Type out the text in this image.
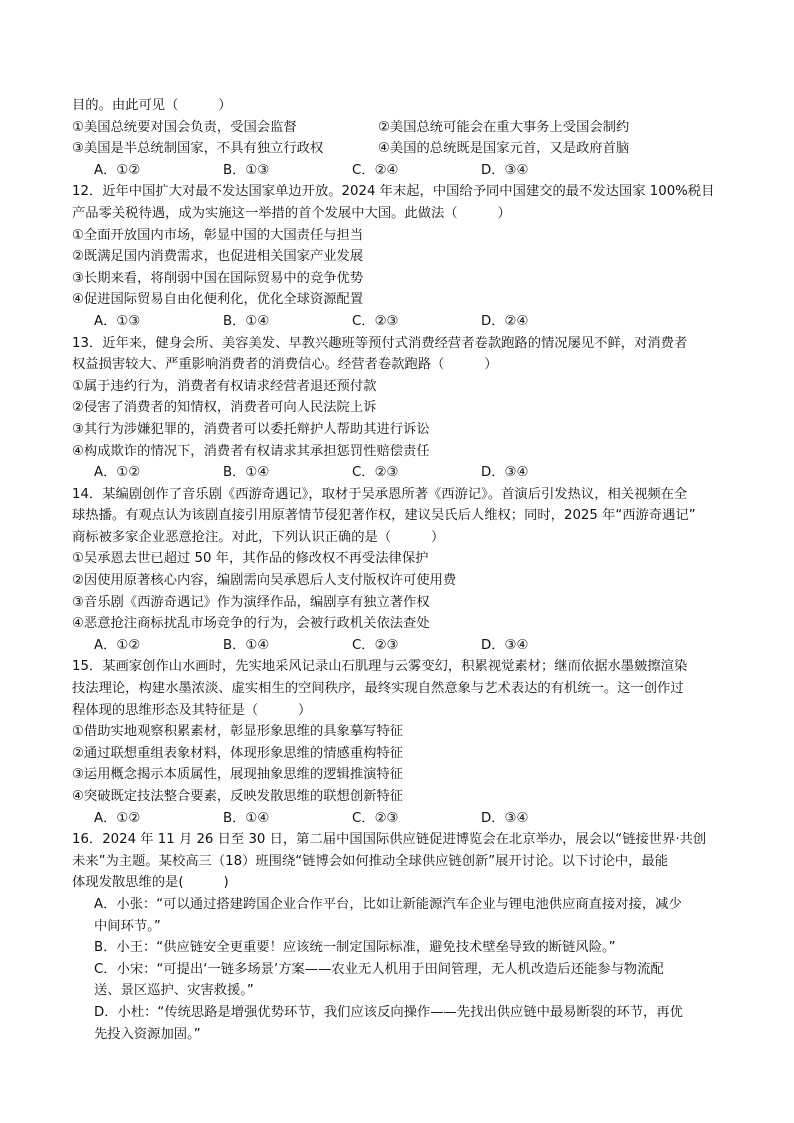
目的。由此可见（　　　）
①美国总统要对国会负责，受国会监督	②美国总统可能会在重大事务上受国会制约
③美国是半总统制国家，不具有独立行政权	④美国的总统既是国家元首，又是政府首脑
A．①②	B．①③	C．②④	D．③④
12．近年中国扩大对最不发达国家单边开放。2024 年末起，中国给予同中国建交的最不发达国家 100%税目
产品零关税待遇，成为实施这一举措的首个发展中大国。此做法（　　　）
①全面开放国内市场，彰显中国的大国责任与担当
②既满足国内消费需求，也促进相关国家产业发展
③长期来看，将削弱中国在国际贸易中的竞争优势
④促进国际贸易自由化便利化，优化全球资源配置
A．①③	B．①④	C．②③	D．②④
13．近年来，健身会所、美容美发、早教兴趣班等预付式消费经营者卷款跑路的情况屡见不鲜，对消费者
权益损害较大、严重影响消费者的消费信心。经营者卷款跑路（　　　）
①属于违约行为，消费者有权请求经营者退还预付款
②侵害了消费者的知情权，消费者可向人民法院上诉
③其行为涉嫌犯罪的，消费者可以委托辩护人帮助其进行诉讼
④构成欺诈的情况下，消费者有权请求其承担惩罚性赔偿责任
A．①②	B．①④	C．②③	D．③④
14．某编剧创作了音乐剧《西游奇遇记》，取材于吴承恩所著《西游记》。首演后引发热议，相关视频在全
球热播。有观点认为该剧直接引用原著情节侵犯著作权，建议吴氏后人维权；同时，2025 年“西游奇遇记”
商标被多家企业恶意抢注。对此，下列认识正确的是（　　　）
①吴承恩去世已超过 50 年，其作品的修改权不再受法律保护
②因使用原著核心内容，编剧需向吴承恩后人支付版权许可使用费
③音乐剧《西游奇遇记》作为演绎作品，编剧享有独立著作权
④恶意抢注商标扰乱市场竞争的行为，会被行政机关依法查处
A．①②	B．①④	C．②③	D．③④
15．某画家创作山水画时，先实地采风记录山石肌理与云雾变幻，积累视觉素材；继而依据水墨皴擦渲染
技法理论，构建水墨浓淡、虚实相生的空间秩序，最终实现自然意象与艺术表达的有机统一。这一创作过
程体现的思维形态及其特征是（　　　）
①借助实地观察积累素材，彰显形象思维的具象摹写特征
②通过联想重组表象材料，体现形象思维的情感重构特征
③运用概念揭示本质属性，展现抽象思维的逻辑推演特征
④突破既定技法整合要素，反映发散思维的联想创新特征
A．①②	B．①④	C．②③	D．③④
16．2024 年 11 月 26 日至 30 日，第二届中国国际供应链促进博览会在北京举办，展会以“链接世界·共创
未来”为主题。某校高三（18）班围绕“链博会如何推动全球供应链创新”展开讨论。以下讨论中，最能
体现发散思维的是(　　　)
A．小张：“可以通过搭建跨国企业合作平台，比如让新能源汽车企业与锂电池供应商直接对接，减少
中间环节。”
B．小王：“供应链安全更重要！应该统一制定国际标准，避免技术壁垒导致的断链风险。”
C．小宋：“可提出‘一链多场景’方案——农业无人机用于田间管理，无人机改造后还能参与物流配
送、景区巡护、灾害救援。”
D．小杜：“传统思路是增强优势环节，我们应该反向操作——先找出供应链中最易断裂的环节，再优
先投入资源加固。”
